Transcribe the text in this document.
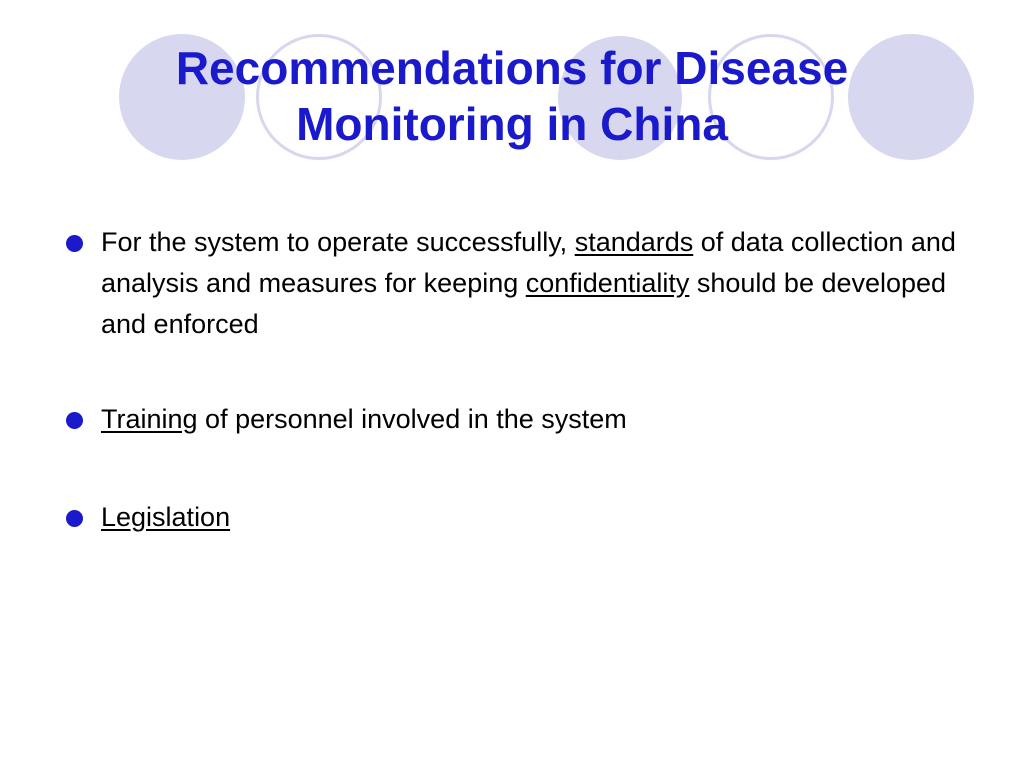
Recommendations for Disease
Monitoring in China
For the system to operate successfully, standards of data collection and analysis and measures for keeping confidentiality should be developed and enforced
Training of personnel involved in the system
Legislation
